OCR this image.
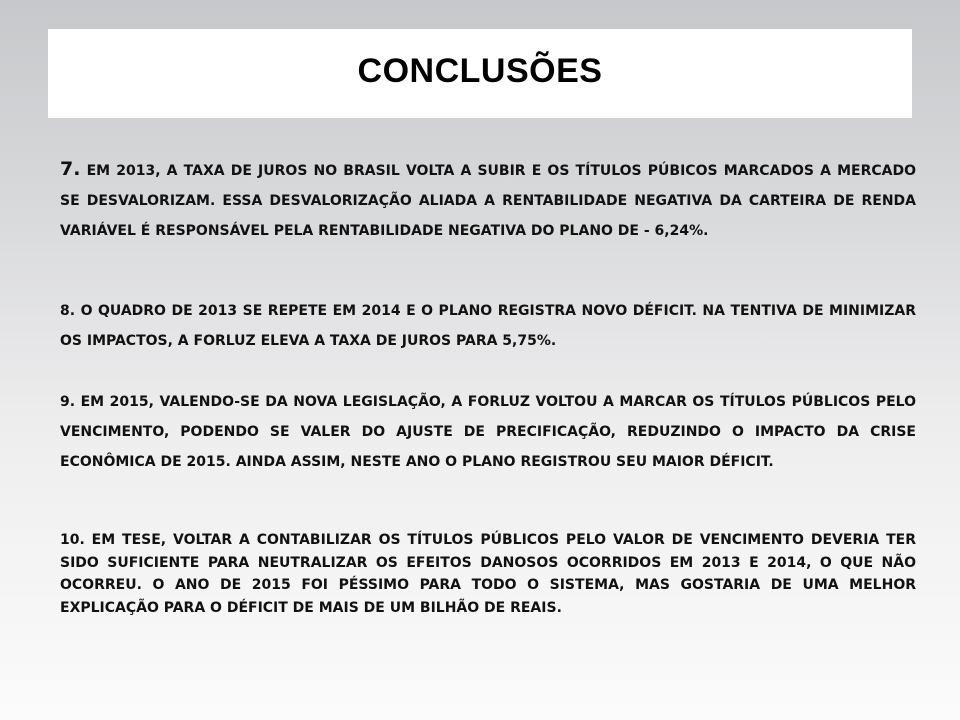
CONCLUSÕES

7. EM 2013, A TAXA DE JUROS NO BRASIL VOLTA A SUBIR E OS TÍTULOS PÚBICOS MARCADOS A MERCADO SE DESVALORIZAM. ESSA DESVALORIZAÇÃO ALIADA A RENTABILIDADE NEGATIVA DA CARTEIRA DE RENDA VARIÁVEL É RESPONSÁVEL PELA RENTABILIDADE NEGATIVA DO PLANO DE - 6,24%.

8. O QUADRO DE 2013 SE REPETE EM 2014 E O PLANO REGISTRA NOVO DÉFICIT. NA TENTIVA DE MINIMIZAR OS IMPACTOS, A FORLUZ ELEVA A TAXA DE JUROS PARA 5,75%.

9. EM 2015, VALENDO-SE DA NOVA LEGISLAÇÃO, A FORLUZ VOLTOU A MARCAR OS TÍTULOS PÚBLICOS PELO VENCIMENTO, PODENDO SE VALER DO AJUSTE DE PRECIFICAÇÃO, REDUZINDO O IMPACTO DA CRISE ECONÔMICA DE 2015. AINDA ASSIM, NESTE ANO O PLANO REGISTROU SEU MAIOR DÉFICIT.

10. EM TESE, VOLTAR A CONTABILIZAR OS TÍTULOS PÚBLICOS PELO VALOR DE VENCIMENTO DEVERIA TER SIDO SUFICIENTE PARA NEUTRALIZAR OS EFEITOS DANOSOS OCORRIDOS EM 2013 E 2014, O QUE NÃO OCORREU. O ANO DE 2015 FOI PÉSSIMO PARA TODO O SISTEMA, MAS GOSTARIA DE UMA MELHOR EXPLICAÇÃO PARA O DÉFICIT DE MAIS DE UM BILHÃO DE REAIS.
